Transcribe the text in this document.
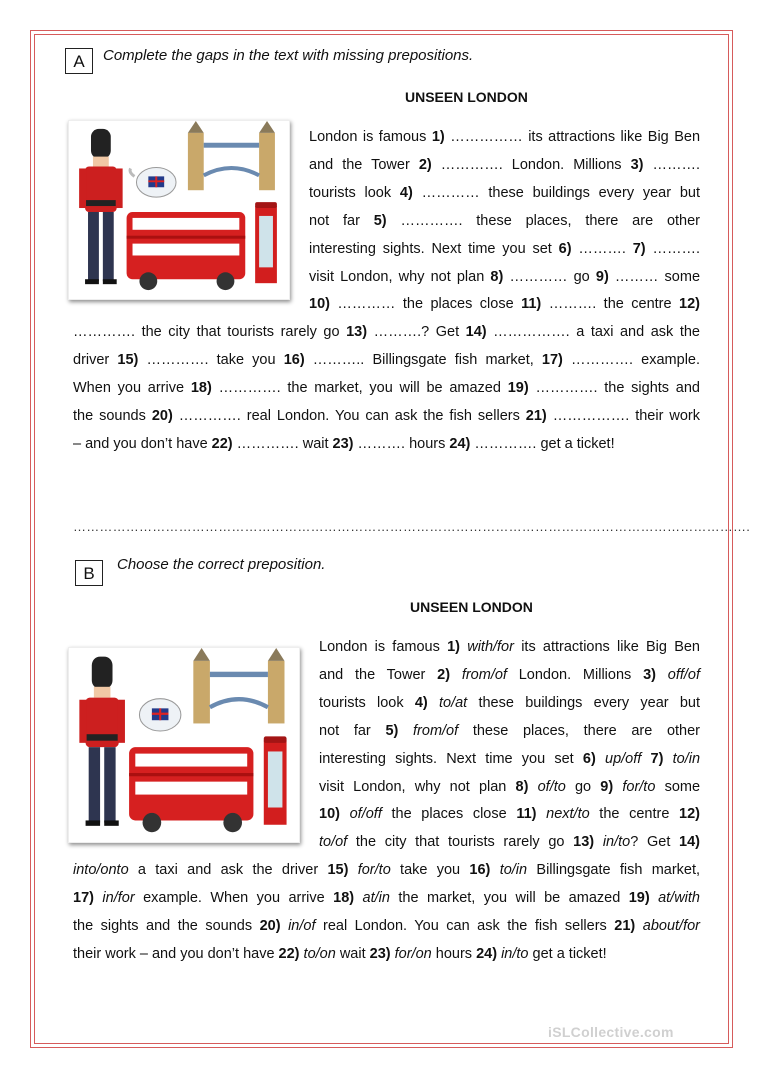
A	Complete the gaps in the text with missing prepositions.
UNSEEN LONDON
London is famous 1) …………… its attractions like Big Ben
and the Tower 2) …………. London. Millions 3) ……….
tourists look 4) ………… these buildings every year but
not far 5) …………. these places, there are other
interesting sights. Next time you set 6) ………. 7) ……….
visit London, why not plan 8) ………… go 9) ……… some
10) ………… the places close 11) ………. the centre 12)
…………. the city that tourists rarely go 13) ……….? Get 14) ……………. a taxi and ask the
driver 15) …………. take you 16) ……….. Billingsgate fish market, 17) …………. example.
When you arrive 18) …………. the market, you will be amazed 19) …………. the sights and
the sounds 20) …………. real London. You can ask the fish sellers 21) ……………. their work
– and you don’t have 22) …………. wait 23) ………. hours 24) …………. get a ticket!
……………………………………………………………………………………………………………………………………….
B	Choose the correct preposition.
UNSEEN LONDON
London is famous 1) with/for its attractions like Big Ben
and the Tower 2) from/of London. Millions 3) off/of
tourists look 4) to/at these buildings every year but
not far 5) from/of these places, there are other
interesting sights. Next time you set 6) up/off 7) to/in
visit London, why not plan 8) of/to go 9) for/to some
10) of/off the places close 11) next/to the centre 12)
to/of the city that tourists rarely go 13) in/to? Get 14)
into/onto a taxi and ask the driver 15) for/to take you 16) to/in Billingsgate fish market,
17) in/for example. When you arrive 18) at/in the market, you will be amazed 19) at/with
the sights and the sounds 20) in/of real London. You can ask the fish sellers 21) about/for
their work – and you don’t have 22) to/on wait 23) for/on hours 24) in/to get a ticket!
iSLCollective.com
